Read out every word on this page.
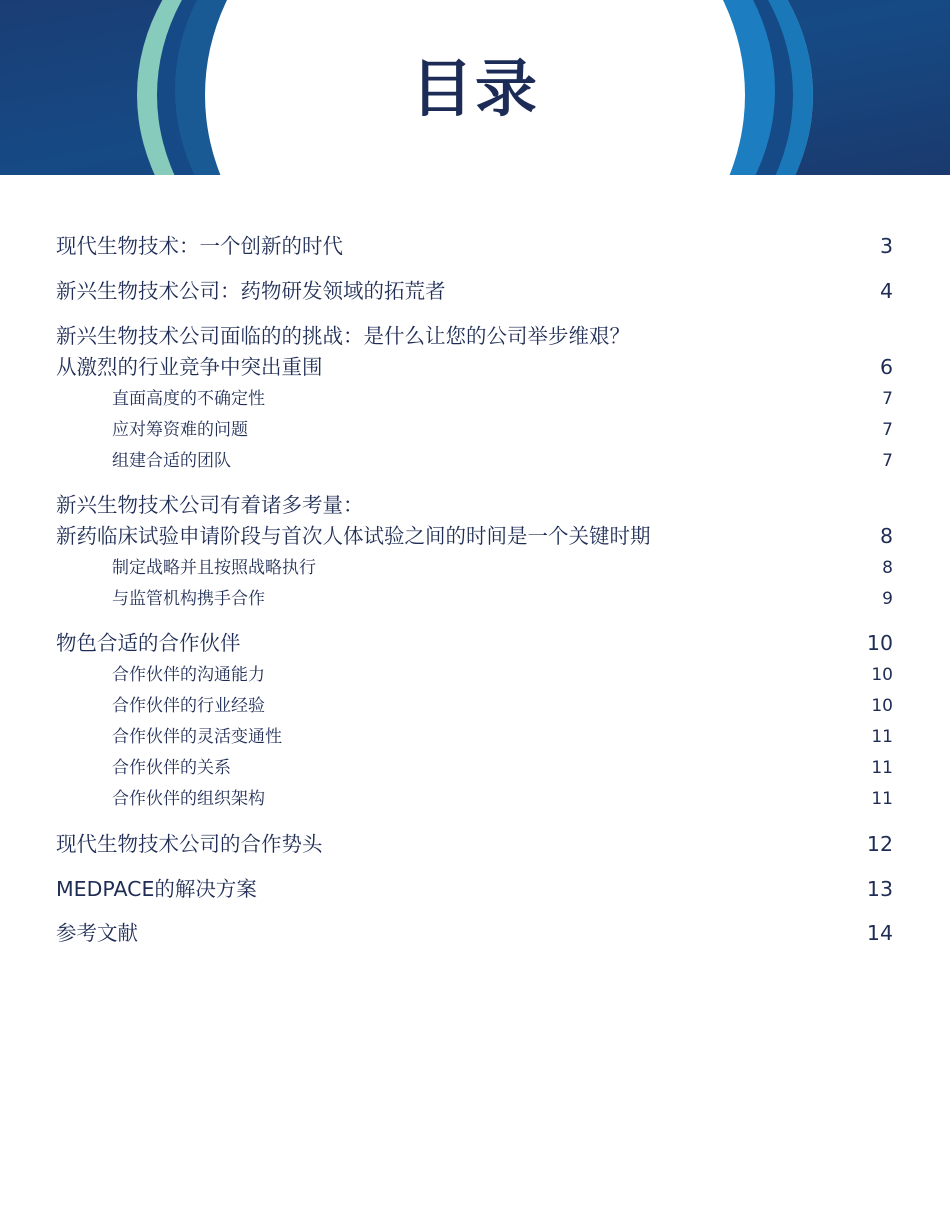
目录
现代生物技术：一个创新的时代	3
新兴生物技术公司：药物研发领域的拓荒者	4
新兴生物技术公司面临的的挑战：是什么让您的公司举步维艰？
从激烈的行业竞争中突出重围	6
直面高度的不确定性	7
应对筹资难的问题	7
组建合适的团队	7
新兴生物技术公司有着诸多考量：
新药临床试验申请阶段与首次人体试验之间的时间是一个关键时期	8
制定战略并且按照战略执行	8
与监管机构携手合作	9
物色合适的合作伙伴	10
合作伙伴的沟通能力	10
合作伙伴的行业经验	10
合作伙伴的灵活变通性	11
合作伙伴的关系	11
合作伙伴的组织架构	11
现代生物技术公司的合作势头	12
MEDPACE的解决方案	13
参考文献	14
